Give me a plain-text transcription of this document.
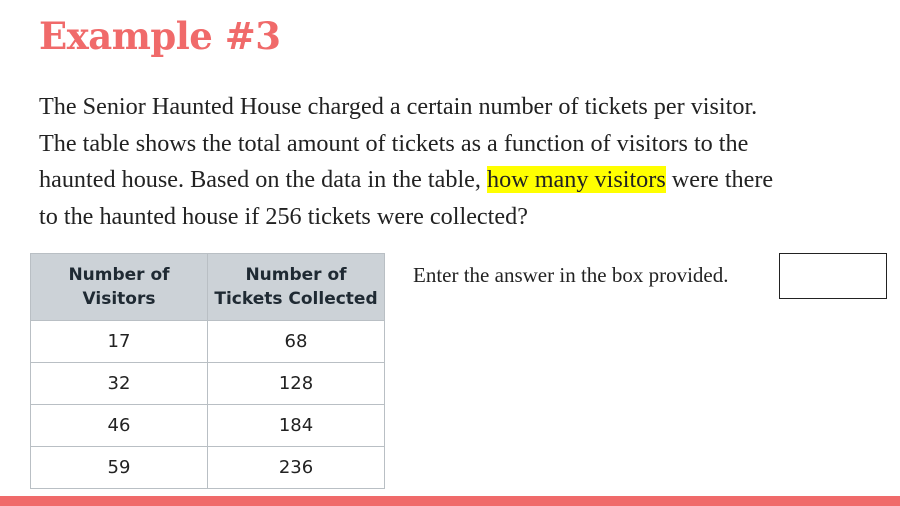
Example #3
The Senior Haunted House charged a certain number of tickets per visitor.
The table shows the total amount of tickets as a function of visitors to the
haunted house. Based on the data in the table, how many visitors were there
to the haunted house if 256 tickets were collected?
Number of Visitors	Number of Tickets Collected
17	68
32	128
46	184
59	236
Enter the answer in the box provided.
